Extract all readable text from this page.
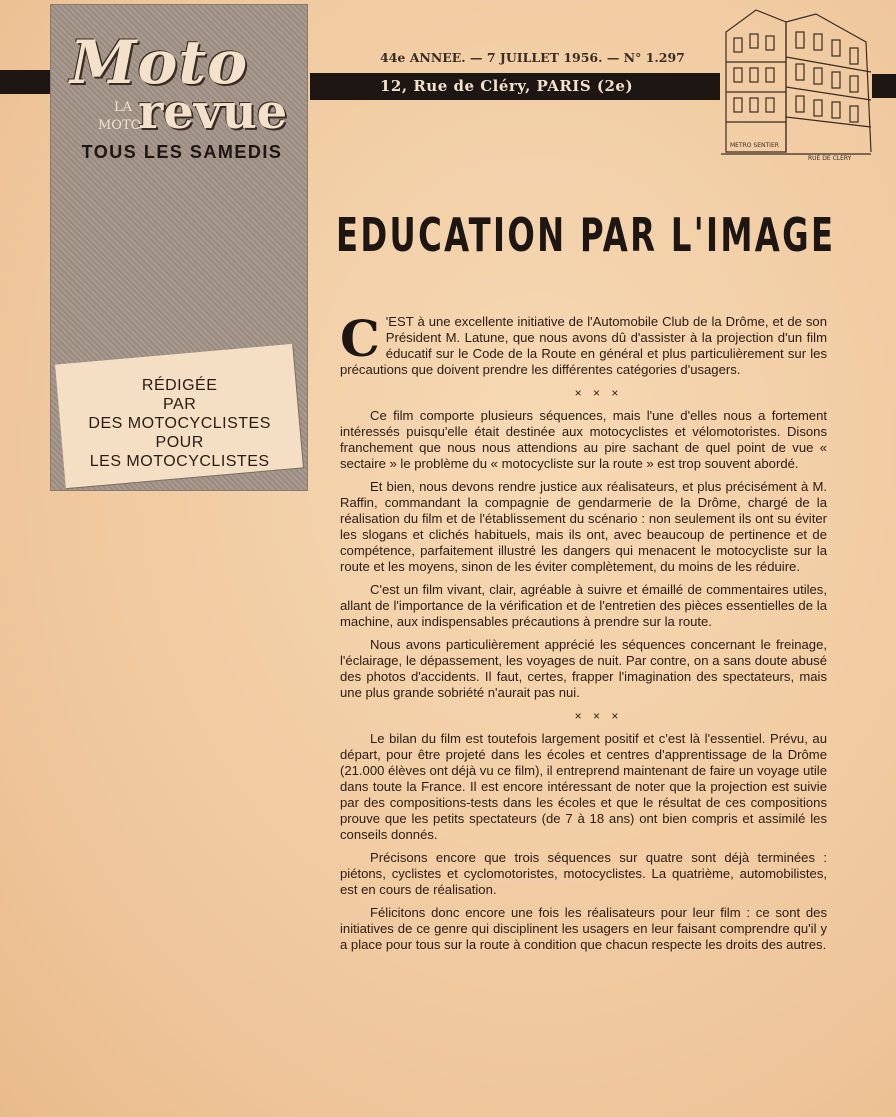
Moto
LA
MOTO
revue
TOUS LES SAMEDIS
RÉDIGÉE
PAR
DES MOTOCYCLISTES
POUR
LES MOTOCYCLISTES
44e ANNEE. — 7 JUILLET 1956. — N° 1.297
12, Rue de Cléry, PARIS (2e)
METRO SENTIER
RUE DE CLERY
EDUCATION PAR L'IMAGE

C 'EST à une excellente initiative de l'Automobile Club de la Drôme, et de son Président M. Latune, que nous avons dû d'assister à la projection d'un film éducatif sur le Code de la Route en général et plus particulièrement sur les précautions que doivent prendre les différentes catégories d'usagers.

× × ×

Ce film comporte plusieurs séquences, mais l'une d'elles nous a fortement intéressés puisqu'elle était destinée aux motocyclistes et vélomotoristes. Disons franchement que nous nous attendions au pire sachant de quel point de vue « sectaire » le problème du « motocycliste sur la route » est trop souvent abordé.

Et bien, nous devons rendre justice aux réalisateurs, et plus précisément à M. Raffin, commandant la compagnie de gendarmerie de la Drôme, chargé de la réalisation du film et de l'établissement du scénario : non seulement ils ont su éviter les slogans et clichés habituels, mais ils ont, avec beaucoup de pertinence et de compétence, parfaitement illustré les dangers qui menacent le motocycliste sur la route et les moyens, sinon de les éviter complètement, du moins de les réduire.

C'est un film vivant, clair, agréable à suivre et émaillé de commentaires utiles, allant de l'importance de la vérification et de l'entretien des pièces essentielles de la machine, aux indispensables précautions à prendre sur la route.

Nous avons particulièrement apprécié les séquences concernant le freinage, l'éclairage, le dépassement, les voyages de nuit. Par contre, on a sans doute abusé des photos d'accidents. Il faut, certes, frapper l'imagination des spectateurs, mais une plus grande sobriété n'aurait pas nui.

× × ×

Le bilan du film est toutefois largement positif et c'est là l'essentiel. Prévu, au départ, pour être projeté dans les écoles et centres d'apprentissage de la Drôme (21.000 élèves ont déjà vu ce film), il entreprend maintenant de faire un voyage utile dans toute la France. Il est encore intéressant de noter que la projection est suivie par des compositions-tests dans les écoles et que le résultat de ces compositions prouve que les petits spectateurs (de 7 à 18 ans) ont bien compris et assimilé les conseils donnés.

Précisons encore que trois séquences sur quatre sont déjà terminées : piétons, cyclistes et cyclomotoristes, motocyclistes. La quatrième, automobilistes, est en cours de réalisation.

Félicitons donc encore une fois les réalisateurs pour leur film : ce sont des initiatives de ce genre qui disciplinent les usagers en leur faisant comprendre qu'il y a place pour tous sur la route à condition que chacun respecte les droits des autres.
